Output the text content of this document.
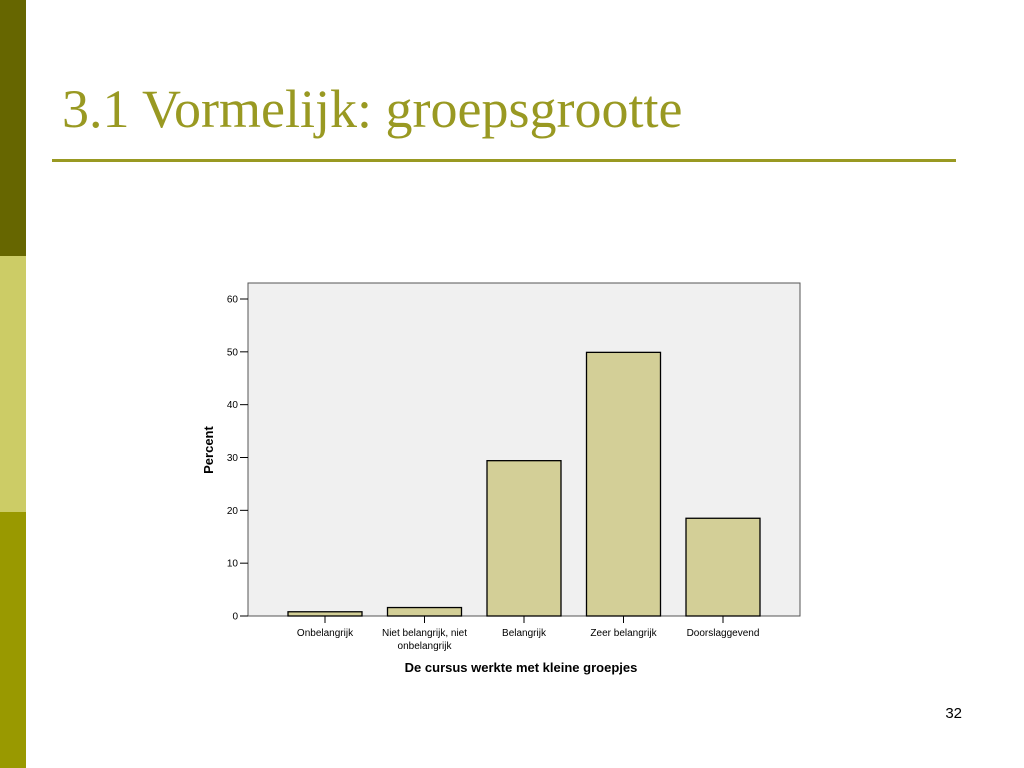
3.1 Vormelijk: groepsgrootte
0
10
20
30
40
50
60
Onbelangrijk	Niet belangrijk, niet
onbelangrijk
Belangrijk	Zeer belangrijk	Doorslaggevend
De cursus werkte met kleine groepjes
Percent
32
